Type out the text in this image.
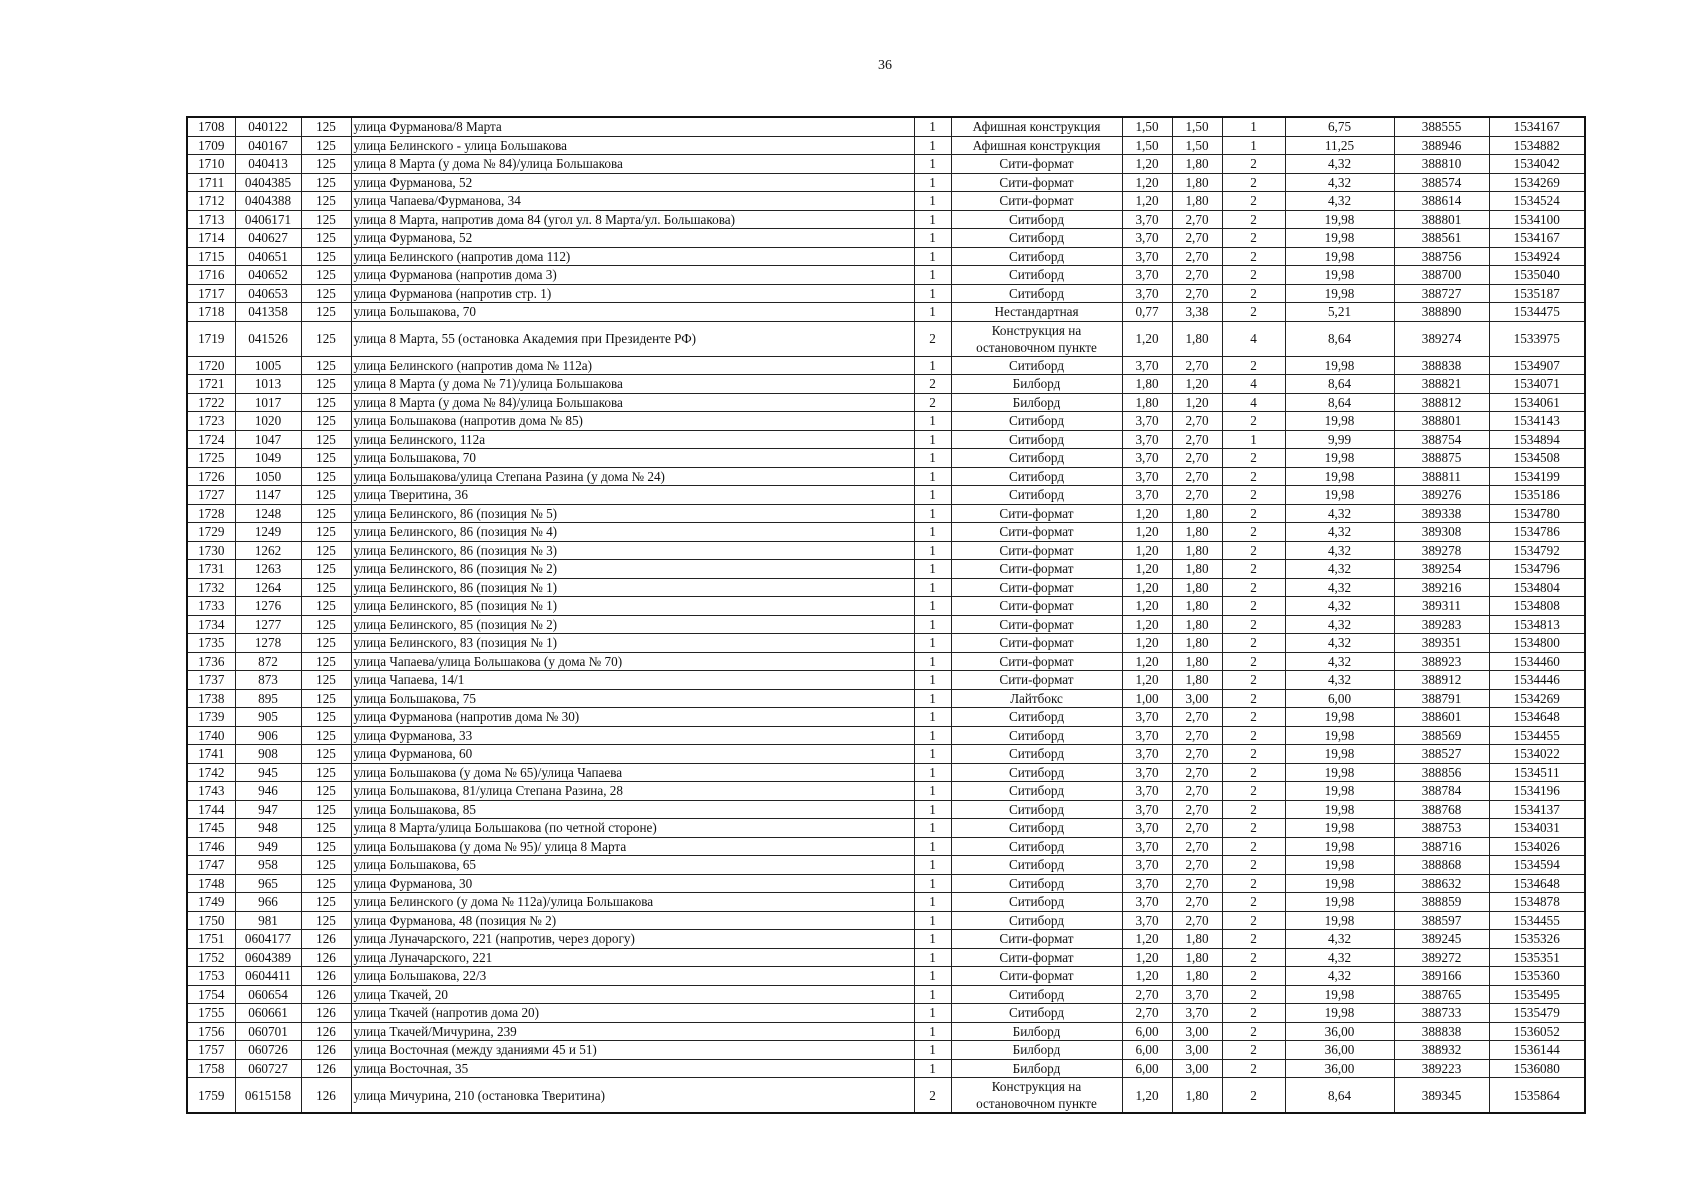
36
1708	040122	125	улица Фурманова/8 Марта	1	Афишная конструкция	1,50	1,50	1	6,75	388555	1534167
1709	040167	125	улица Белинского - улица Большакова	1	Афишная конструкция	1,50	1,50	1	11,25	388946	1534882
1710	040413	125	улица 8 Марта (у дома № 84)/улица Большакова	1	Сити-формат	1,20	1,80	2	4,32	388810	1534042
1711	0404385	125	улица Фурманова, 52	1	Сити-формат	1,20	1,80	2	4,32	388574	1534269
1712	0404388	125	улица Чапаева/Фурманова, 34	1	Сити-формат	1,20	1,80	2	4,32	388614	1534524
1713	0406171	125	улица 8 Марта, напротив дома 84 (угол ул. 8 Марта/ул. Большакова)	1	Ситиборд	3,70	2,70	2	19,98	388801	1534100
1714	040627	125	улица Фурманова, 52	1	Ситиборд	3,70	2,70	2	19,98	388561	1534167
1715	040651	125	улица Белинского (напротив дома 112)	1	Ситиборд	3,70	2,70	2	19,98	388756	1534924
1716	040652	125	улица Фурманова (напротив дома 3)	1	Ситиборд	3,70	2,70	2	19,98	388700	1535040
1717	040653	125	улица Фурманова (напротив стр. 1)	1	Ситиборд	3,70	2,70	2	19,98	388727	1535187
1718	041358	125	улица Большакова, 70	1	Нестандартная	0,77	3,38	2	5,21	388890	1534475
1719	041526	125	улица 8 Марта, 55 (остановка Академия при Президенте РФ)	2	Конструкция на остановочном пункте	1,20	1,80	4	8,64	389274	1533975
1720	1005	125	улица Белинского (напротив дома № 112а)	1	Ситиборд	3,70	2,70	2	19,98	388838	1534907
1721	1013	125	улица 8 Марта (у дома № 71)/улица Большакова	2	Билборд	1,80	1,20	4	8,64	388821	1534071
1722	1017	125	улица 8 Марта (у дома № 84)/улица Большакова	2	Билборд	1,80	1,20	4	8,64	388812	1534061
1723	1020	125	улица Большакова (напротив дома № 85)	1	Ситиборд	3,70	2,70	2	19,98	388801	1534143
1724	1047	125	улица Белинского, 112а	1	Ситиборд	3,70	2,70	1	9,99	388754	1534894
1725	1049	125	улица Большакова, 70	1	Ситиборд	3,70	2,70	2	19,98	388875	1534508
1726	1050	125	улица Большакова/улица Степана Разина (у дома № 24)	1	Ситиборд	3,70	2,70	2	19,98	388811	1534199
1727	1147	125	улица Тверитина, 36	1	Ситиборд	3,70	2,70	2	19,98	389276	1535186
1728	1248	125	улица Белинского, 86 (позиция № 5)	1	Сити-формат	1,20	1,80	2	4,32	389338	1534780
1729	1249	125	улица Белинского, 86 (позиция № 4)	1	Сити-формат	1,20	1,80	2	4,32	389308	1534786
1730	1262	125	улица Белинского, 86 (позиция № 3)	1	Сити-формат	1,20	1,80	2	4,32	389278	1534792
1731	1263	125	улица Белинского, 86 (позиция № 2)	1	Сити-формат	1,20	1,80	2	4,32	389254	1534796
1732	1264	125	улица Белинского, 86 (позиция № 1)	1	Сити-формат	1,20	1,80	2	4,32	389216	1534804
1733	1276	125	улица Белинского, 85 (позиция № 1)	1	Сити-формат	1,20	1,80	2	4,32	389311	1534808
1734	1277	125	улица Белинского, 85 (позиция № 2)	1	Сити-формат	1,20	1,80	2	4,32	389283	1534813
1735	1278	125	улица Белинского, 83 (позиция № 1)	1	Сити-формат	1,20	1,80	2	4,32	389351	1534800
1736	872	125	улица Чапаева/улица Большакова (у дома № 70)	1	Сити-формат	1,20	1,80	2	4,32	388923	1534460
1737	873	125	улица Чапаева, 14/1	1	Сити-формат	1,20	1,80	2	4,32	388912	1534446
1738	895	125	улица Большакова, 75	1	Лайтбокс	1,00	3,00	2	6,00	388791	1534269
1739	905	125	улица Фурманова (напротив дома № 30)	1	Ситиборд	3,70	2,70	2	19,98	388601	1534648
1740	906	125	улица Фурманова, 33	1	Ситиборд	3,70	2,70	2	19,98	388569	1534455
1741	908	125	улица Фурманова, 60	1	Ситиборд	3,70	2,70	2	19,98	388527	1534022
1742	945	125	улица Большакова (у дома № 65)/улица Чапаева	1	Ситиборд	3,70	2,70	2	19,98	388856	1534511
1743	946	125	улица Большакова, 81/улица Степана Разина, 28	1	Ситиборд	3,70	2,70	2	19,98	388784	1534196
1744	947	125	улица Большакова, 85	1	Ситиборд	3,70	2,70	2	19,98	388768	1534137
1745	948	125	улица 8 Марта/улица Большакова (по четной стороне)	1	Ситиборд	3,70	2,70	2	19,98	388753	1534031
1746	949	125	улица Большакова (у дома № 95)/ улица 8 Марта	1	Ситиборд	3,70	2,70	2	19,98	388716	1534026
1747	958	125	улица Большакова, 65	1	Ситиборд	3,70	2,70	2	19,98	388868	1534594
1748	965	125	улица Фурманова, 30	1	Ситиборд	3,70	2,70	2	19,98	388632	1534648
1749	966	125	улица Белинского (у дома № 112а)/улица Большакова	1	Ситиборд	3,70	2,70	2	19,98	388859	1534878
1750	981	125	улица Фурманова, 48 (позиция № 2)	1	Ситиборд	3,70	2,70	2	19,98	388597	1534455
1751	0604177	126	улица Луначарского, 221 (напротив, через дорогу)	1	Сити-формат	1,20	1,80	2	4,32	389245	1535326
1752	0604389	126	улица Луначарского, 221	1	Сити-формат	1,20	1,80	2	4,32	389272	1535351
1753	0604411	126	улица Большакова, 22/3	1	Сити-формат	1,20	1,80	2	4,32	389166	1535360
1754	060654	126	улица Ткачей, 20	1	Ситиборд	2,70	3,70	2	19,98	388765	1535495
1755	060661	126	улица Ткачей (напротив дома 20)	1	Ситиборд	2,70	3,70	2	19,98	388733	1535479
1756	060701	126	улица Ткачей/Мичурина, 239	1	Билборд	6,00	3,00	2	36,00	388838	1536052
1757	060726	126	улица Восточная (между зданиями 45 и 51)	1	Билборд	6,00	3,00	2	36,00	388932	1536144
1758	060727	126	улица Восточная, 35	1	Билборд	6,00	3,00	2	36,00	389223	1536080
1759	0615158	126	улица Мичурина, 210 (остановка Тверитина)	2	Конструкция на остановочном пункте	1,20	1,80	2	8,64	389345	1535864
